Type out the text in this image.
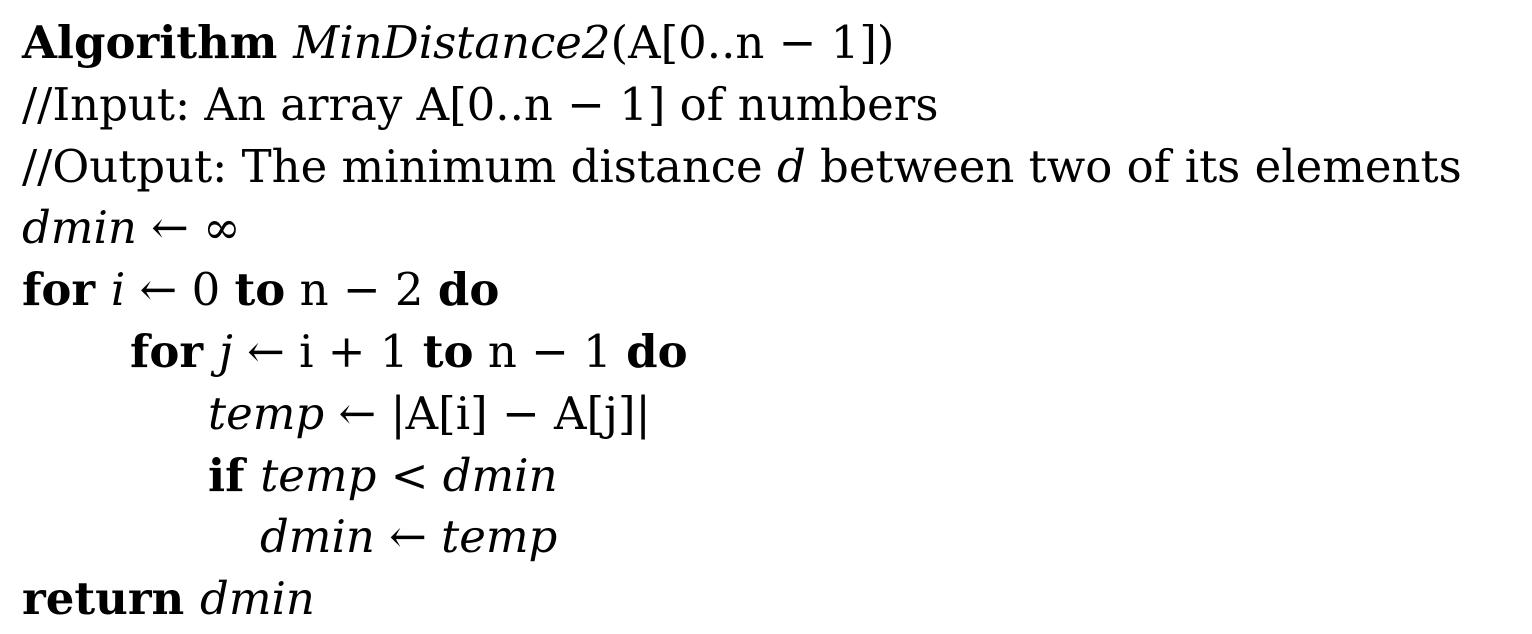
Algorithm MinDistance2(A[0..n − 1])
//Input: An array A[0..n − 1] of numbers
//Output: The minimum distance d between two of its elements
dmin ← ∞
for i ← 0 to n − 2 do
for j ← i + 1 to n − 1 do
temp ← |A[i] − A[j]|
if temp < dmin
dmin ← temp
return dmin
